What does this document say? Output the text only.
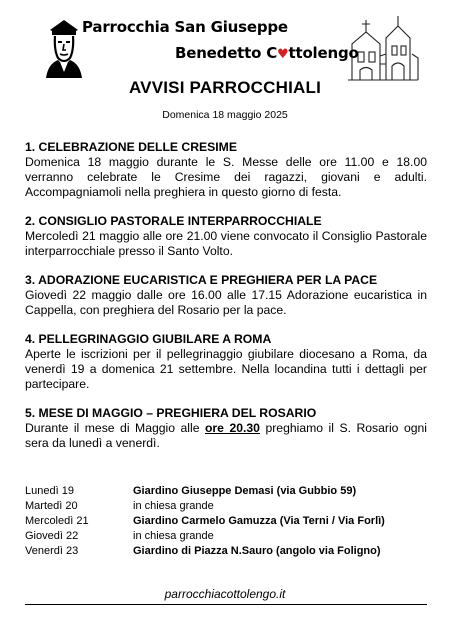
Parrocchia San Giuseppe
Benedetto C♥ttolengo
AVVISI PARROCCHIALI
Domenica 18 maggio 2025
1. CELEBRAZIONE DELLE CRESIME

Domenica 18 maggio durante le S. Messe delle ore 11.00 e 18.00 verranno celebrate le Cresime dei ragazzi, giovani e adulti. Accompagniamoli nella preghiera in questo giorno di festa.

2. CONSIGLIO PASTORALE INTERPARROCCHIALE

Mercoledì 21 maggio alle ore 21.00 viene convocato il Consiglio Pastorale interparrocchiale presso il Santo Volto.

3. ADORAZIONE EUCARISTICA E PREGHIERA PER LA PACE

Giovedì 22 maggio dalle ore 16.00 alle 17.15 Adorazione eucaristica in Cappella, con preghiera del Rosario per la pace.

4. PELLEGRINAGGIO GIUBILARE A ROMA

Aperte le iscrizioni per il pellegrinaggio giubilare diocesano a Roma, da venerdì 19 a domenica 21 settembre. Nella locandina tutti i dettagli per partecipare.

5. MESE DI MAGGIO – PREGHIERA DEL ROSARIO

Durante il mese di Maggio alle ore 20.30 preghiamo il S. Rosario ogni sera da lunedì a venerdì.

Lunedì 19	Giardino Giuseppe Demasi (via Gubbio 59)
Martedì 20	in chiesa grande
Mercoledì 21	Giardino Carmelo Gamuzza (Via Terni / Via Forlì)
Giovedì 22	in chiesa grande
Venerdì 23	Giardino di Piazza N.Sauro (angolo via Foligno)
parrocchiacottolengo.it
